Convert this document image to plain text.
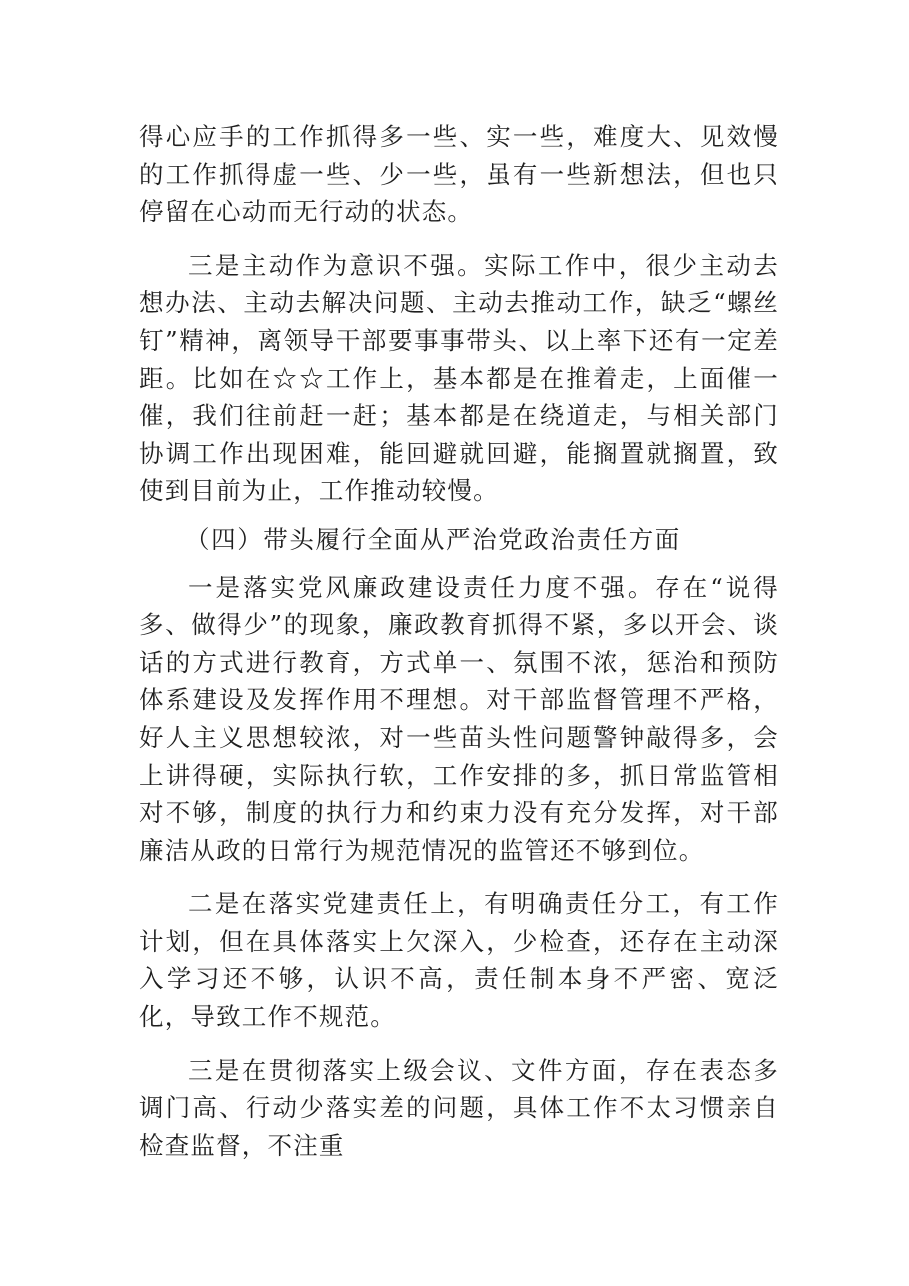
得心应手的工作抓得多一些、实一些，难度大、见效慢的工作抓得虚一些、少一些，虽有一些新想法，但也只停留在心动而无行动的状态。

三是主动作为意识不强。实际工作中，很少主动去想办法、主动去解决问题、主动去推动工作，缺乏“螺丝钉”精神，离领导干部要事事带头、以上率下还有一定差距。比如在☆☆工作上，基本都是在推着走，上面催一催，我们往前赶一赶；基本都是在绕道走，与相关部门协调工作出现困难，能回避就回避，能搁置就搁置，致使到目前为止，工作推动较慢。

（四）带头履行全面从严治党政治责任方面

一是落实党风廉政建设责任力度不强。存在“说得多、做得少”的现象，廉政教育抓得不紧，多以开会、谈话的方式进行教育，方式单一、氛围不浓，惩治和预防体系建设及发挥作用不理想。对干部监督管理不严格，好人主义思想较浓，对一些苗头性问题警钟敲得多，会上讲得硬，实际执行软，工作安排的多，抓日常监管相对不够，制度的执行力和约束力没有充分发挥，对干部廉洁从政的日常行为规范情况的监管还不够到位。

二是在落实党建责任上，有明确责任分工，有工作计划，但在具体落实上欠深入，少检查，还存在主动深入学习还不够，认识不高，责任制本身不严密、宽泛化，导致工作不规范。

三是在贯彻落实上级会议、文件方面，存在表态多调门高、行动少落实差的问题，具体工作不太习惯亲自检查监督，不注重
